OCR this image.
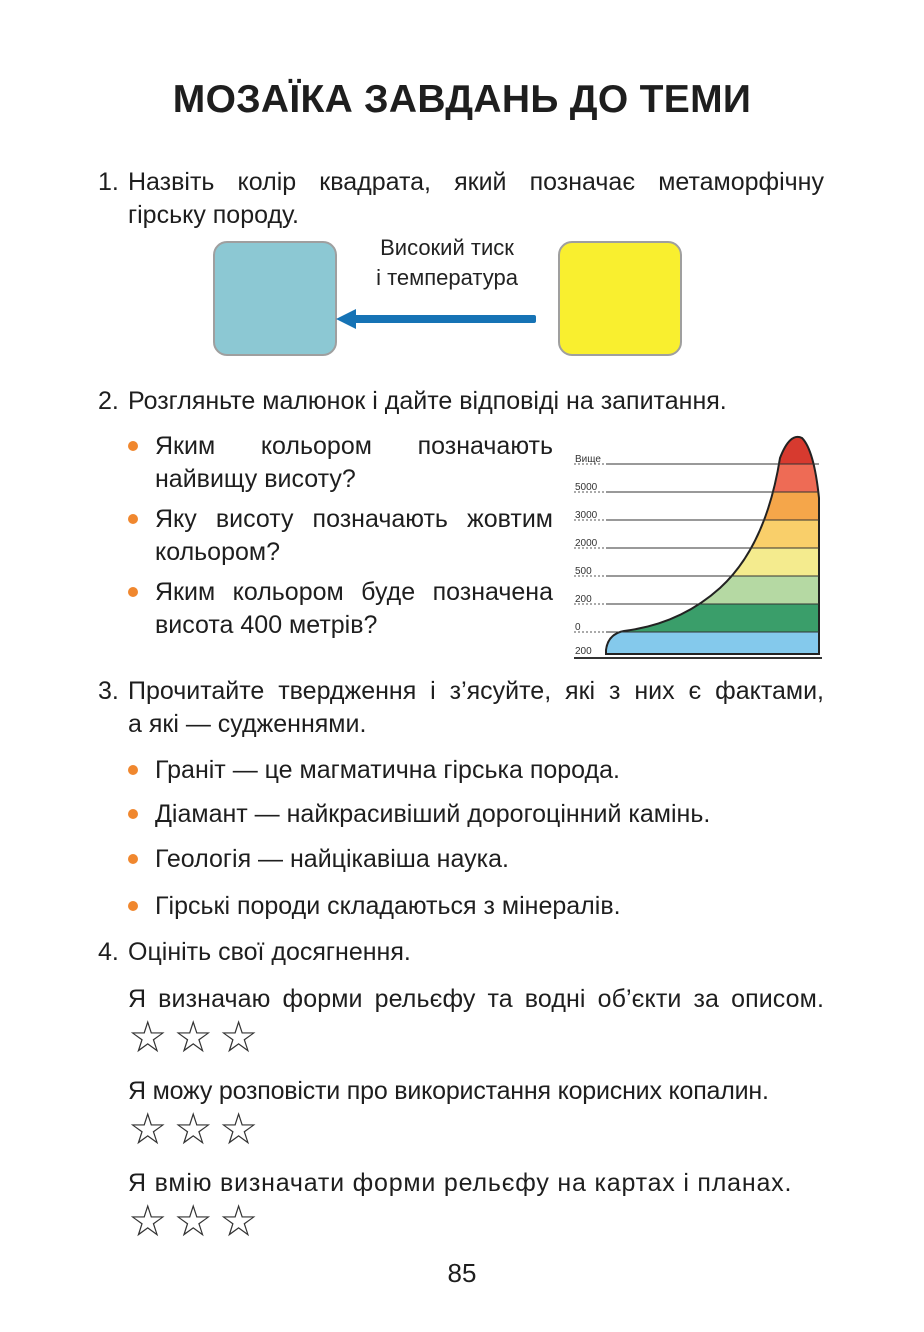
МОЗАЇКА ЗАВДАНЬ ДО ТЕМИ
1. Назвіть колір квадрата, який позначає метаморфічну
гірську породу.
Високий тиск
і температура
2. Розгляньте малюнок і дайте відповіді на запитання.
Яким кольором позначають
найвищу висоту?
Яку висоту позначають жовтим
кольором?
Яким кольором буде позначена
висота 400 метрів?
Вище
5000
3000
2000
500
200
0
200
3. Прочитайте твердження і з’ясуйте, які з них є фактами,
а які — судженнями.
Граніт — це магматична гірська порода.
Діамант — найкрасивіший дорогоцінний камінь.
Геологія — найцікавіша наука.
Гірські породи складаються з мінералів.
4. Оцініть свої досягнення.
Я визначаю форми рельєфу та водні об’єкти за описом.
☆☆☆
Я можу розповісти про використання корисних копалин.
☆☆☆
Я вмію визначати форми рельєфу на картах і планах.
☆☆☆
85
